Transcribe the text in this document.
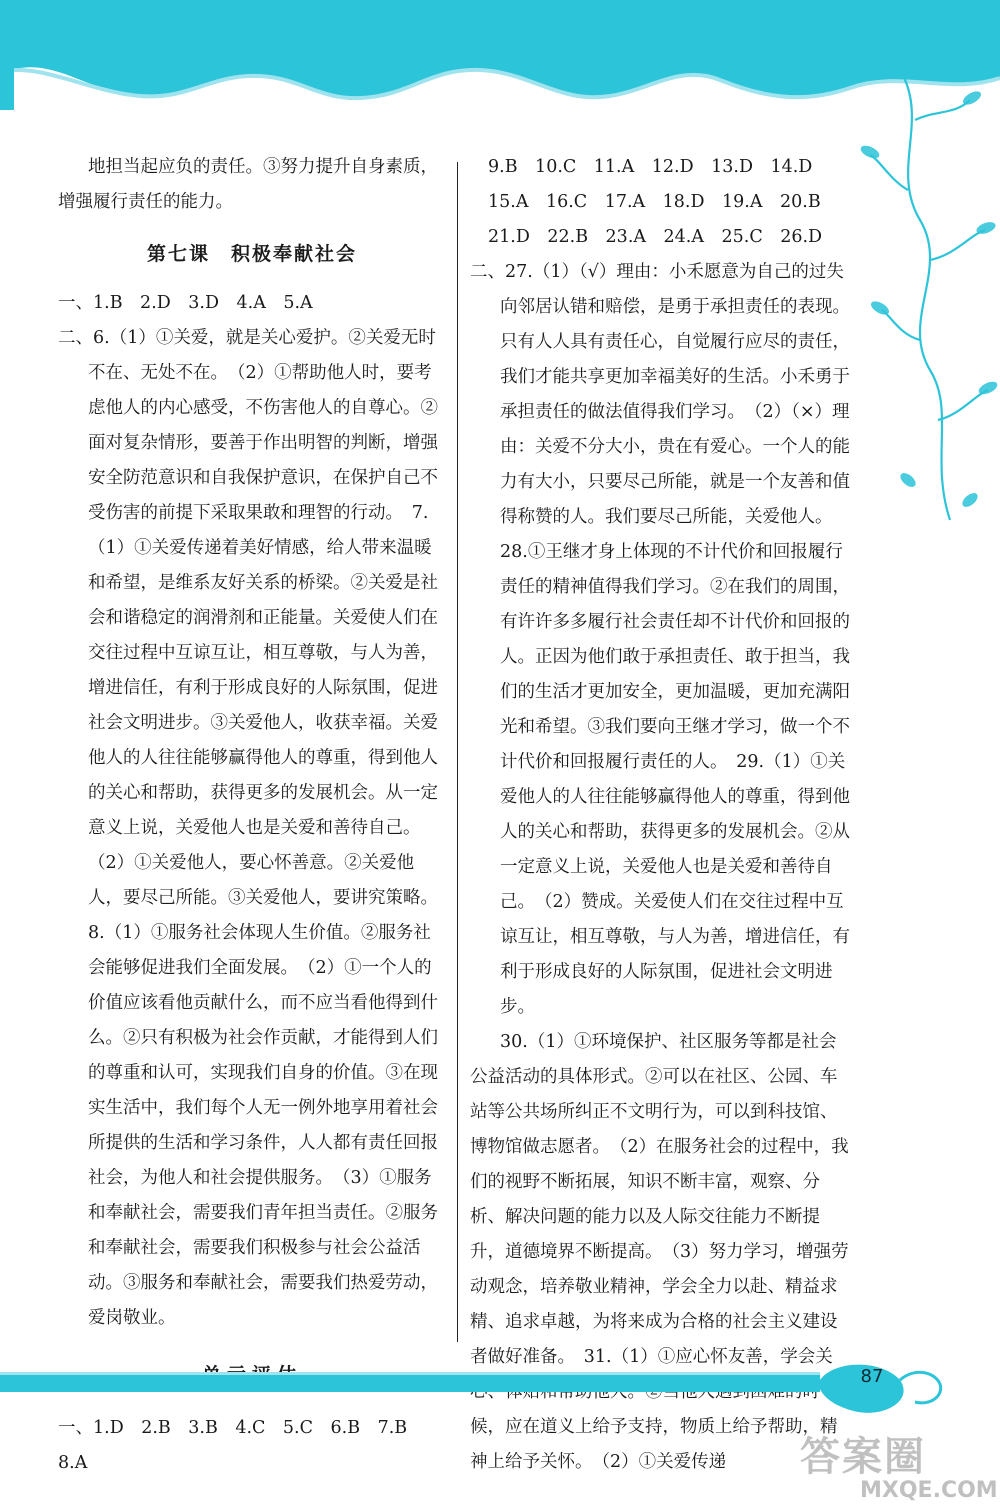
地担当起应负的责任。③努力提升自身素质，增强履行责任的能力。

第七课　积极奉献社会

一、1.B　2.D　3.D　4.A　5.A

二、6.（1）①关爱，就是关心爱护。②关爱无时不在、无处不在。　（2）①帮助他人时，要考虑他人的内心感受，不伤害他人的自尊心。②面对复杂情形，要善于作出明智的判断，增强安全防范意识和自我保护意识，在保护自己不受伤害的前提下采取果敢和理智的行动。　7.（1）①关爱传递着美好情感，给人带来温暖和希望，是维系友好关系的桥梁。②关爱是社会和谐稳定的润滑剂和正能量。关爱使人们在交往过程中互谅互让，相互尊敬，与人为善，增进信任，有利于形成良好的人际氛围，促进社会文明进步。③关爱他人，收获幸福。关爱他人的人往往能够赢得他人的尊重，得到他人的关心和帮助，获得更多的发展机会。从一定意义上说，关爱他人也是关爱和善待自己。　（2）①关爱他人，要心怀善意。②关爱他人，要尽己所能。③关爱他人，要讲究策略。　8.（1）①服务社会体现人生价值。②服务社会能够促进我们全面发展。　（2）①一个人的价值应该看他贡献什么，而不应当看他得到什么。②只有积极为社会作贡献，才能得到人们的尊重和认可，实现我们自身的价值。③在现实生活中，我们每个人无一例外地享用着社会所提供的生活和学习条件，人人都有责任回报社会，为他人和社会提供服务。　（3）①服务和奉献社会，需要我们青年担当责任。②服务和奉献社会，需要我们积极参与社会公益活动。③服务和奉献社会，需要我们热爱劳动，爱岗敬业。

一、1.D　2.B　3.B　4.C　5.C　6.B　7.B　8.A

9.B　10.C　11.A　12.D　13.D　14.D　15.A　16.C　17.A　18.D　19.A　20.B　21.D　22.B　23.A　24.A　25.C　26.D

二、27.（1）（√）理由：小禾愿意为自己的过失向邻居认错和赔偿，是勇于承担责任的表现。只有人人具有责任心，自觉履行应尽的责任，我们才能共享更加幸福美好的生活。小禾勇于承担责任的做法值得我们学习。　（2）（×）理由：关爱不分大小，贵在有爱心。一个人的能力有大小，只要尽己所能，就是一个友善和值得称赞的人。我们要尽己所能，关爱他人。　28.①王继才身上体现的不计代价和回报履行责任的精神值得我们学习。②在我们的周围，有许许多多履行社会责任却不计代价和回报的人。正因为他们敢于承担责任、敢于担当，我们的生活才更加安全，更加温暖，更加充满阳光和希望。③我们要向王继才学习，做一个不计代价和回报履行责任的人。　29.（1）①关爱他人的人往往能够赢得他人的尊重，得到他人的关心和帮助，获得更多的发展机会。②从一定意义上说，关爱他人也是关爱和善待自己。　（2）赞成。关爱使人们在交往过程中互谅互让，相互尊敬，与人为善，增进信任，有利于形成良好的人际氛围，促进社会文明进步。

30.（1）①环境保护、社区服务等都是社会公益活动的具体形式。②可以在社区、公园、车站等公共场所纠正不文明行为，可以到科技馆、博物馆做志愿者。　（2）在服务社会的过程中，我们的视野不断拓展，知识不断丰富，观察、分析、解决问题的能力以及人际交往能力不断提升，道德境界不断提高。　（3）努力学习，增强劳动观念，培养敬业精神，学会全力以赴、精益求精、追求卓越，为将来成为合格的社会主义建设者做好准备。　31.（1）①应心怀友善，学会关 候，应在道义上给予支持，物质上给予帮助，精神上给予关怀。　（2）①关爱传递

87
答案圈
MXQE.COM
